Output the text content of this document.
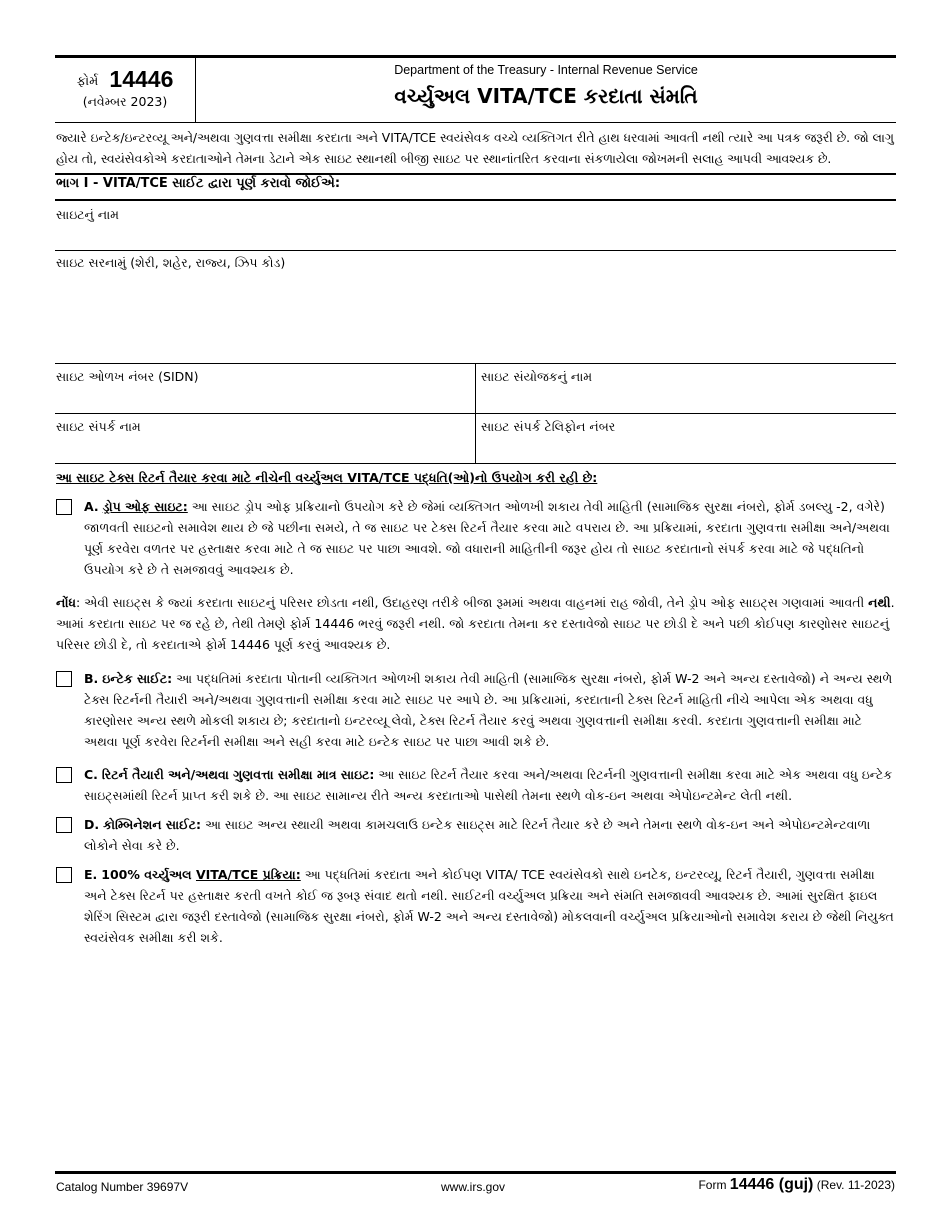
ફોર્મ 14446
(નવેમ્બર 2023)
Department of the Treasury - Internal Revenue Service
વર્ચ્યુઅલ VITA/TCE કરદાતા સંમતિ
જ્યારે ઇન્ટેક/ઇન્ટરવ્યૂ અને/અથવા ગુણવત્તા સમીક્ષા કરદાતા અને VITA/TCE સ્વયંસેવક વચ્ચે વ્યક્તિગત રીતે હાથ ધરવામાં આવતી નથી ત્યારે આ પત્રક જરૂરી છે. જો લાગુ હોય તો, સ્વયંસેવકોએ કરદાતાઓને તેમના ડેટાને એક સાઇટ સ્થાનથી બીજી સાઇટ પર સ્થાનાંતરિત કરવાના સંકળાયેલા જોખમની સલાહ આપવી આવશ્યક છે.
ભાગ I - VITA/TCE સાઈટ દ્વારા પૂર્ણ કરાવો જોઈએ:
સાઇટનું નામ
સાઇટ સરનામું (શેરી, શહેર, રાજ્ય, ઝિપ કોડ)
સાઇટ ઓળખ નંબર (SIDN)	સાઇટ સંયોજકનું નામ
સાઇટ સંપર્ક નામ	સાઇટ સંપર્ક ટેલિફોન નંબર
આ સાઇટ ટેક્સ રિટર્ન તૈયાર કરવા માટે નીચેની વર્ચ્યુઅલ VITA/TCE પદ્ધતિ(ઓ)નો ઉપયોગ કરી રહી છે:
A. ડ્રોપ ઓફ સાઇટ: આ સાઇટ ડ્રોપ ઓફ પ્રક્રિયાનો ઉપયોગ કરે છે જેમાં વ્યક્તિગત ઓળખી શકાય તેવી માહિતી (સામાજિક સુરક્ષા નંબરો, ફોર્મ ડબલ્યુ -2, વગેરે) જાળવતી સાઇટનો સમાવેશ થાય છે જે પછીના સમયે, તે જ સાઇટ પર ટેક્સ રિટર્ન તૈયાર કરવા માટે વપરાય છે. આ પ્રક્રિયામાં, કરદાતા ગુણવત્તા સમીક્ષા અને/અથવા પૂર્ણ કરવેરા વળતર પર હસ્તાક્ષર કરવા માટે તે જ સાઇટ પર પાછા આવશે. જો વધારાની માહિતીની જરૂર હોય તો સાઇટ કરદાતાનો સંપર્ક કરવા માટે જે પદ્ધતિનો ઉપયોગ કરે છે તે સમજાવવું આવશ્યક છે.
નોંધ: એવી સાઇટ્સ કે જ્યાં કરદાતા સાઇટનું પરિસર છોડતા નથી, ઉદાહરણ તરીકે બીજા રૂમમાં અથવા વાહનમાં રાહ જોવી, તેને ડ્રોપ ઓફ સાઇટ્સ ગણવામાં આવતી નથી. આમાં કરદાતા સાઇટ પર જ રહે છે, તેથી તેમણે ફોર્મ 14446 ભરવું જરૂરી નથી. જો કરદાતા તેમના કર દસ્તાવેજો સાઇટ પર છોડી દે અને પછી કોઈપણ કારણોસર સાઇટનું પરિસર છોડી દે, તો કરદાતાએ ફોર્મ 14446 પૂર્ણ કરવું આવશ્યક છે.
B. ઇન્ટેક સાઈટ: આ પદ્ધતિમાં કરદાતા પોતાની વ્યક્તિગત ઓળખી શકાય તેવી માહિતી (સામાજિક સુરક્ષા નંબરો, ફોર્મ W-2 અને અન્ય દસ્તાવેજો) ને અન્ય સ્થળે ટેક્સ રિટર્નની તૈયારી અને/અથવા ગુણવત્તાની સમીક્ષા કરવા માટે સાઇટ પર આપે છે. આ પ્રક્રિયામાં, કરદાતાની ટેક્સ રિટર્ન માહિતી નીચે આપેલા એક અથવા વધુ કારણોસર અન્ય સ્થળે મોકલી શકાય છે; કરદાતાનો ઇન્ટરવ્યૂ લેવો, ટેક્સ રિટર્ન તૈયાર કરવું અથવા ગુણવત્તાની સમીક્ષા કરવી. કરદાતા ગુણવત્તાની સમીક્ષા માટે અથવા પૂર્ણ કરવેરા રિટર્નની સમીક્ષા અને સહી કરવા માટે ઇન્ટેક સાઇટ પર પાછા આવી શકે છે.
C. રિટર્ન તૈયારી અને/અથવા ગુણવત્તા સમીક્ષા માત્ર સાઇટ: આ સાઇટ રિટર્ન તૈયાર કરવા અને/અથવા રિટર્નની ગુણવત્તાની સમીક્ષા કરવા માટે એક અથવા વધુ ઇન્ટેક સાઇટ્સમાંથી રિટર્ન પ્રાપ્ત કરી શકે છે. આ સાઇટ સામાન્ય રીતે અન્ય કરદાતાઓ પાસેથી તેમના સ્થળે વોક-ઇન અથવા એપોઇન્ટમેન્ટ લેતી નથી.
D. કોમ્બિનેશન સાઈટ: આ સાઇટ અન્ય સ્થાયી અથવા કામચલાઉ ઇન્ટેક સાઇટ્સ માટે રિટર્ન તૈયાર કરે છે અને તેમના સ્થળે વોક-ઇન અને એપોઇન્ટમેન્ટવાળા લોકોને સેવા કરે છે.
E. 100% વર્ચ્યુઅલ VITA/TCE પ્રક્રિયા: આ પદ્ધતિમાં કરદાતા અને કોઈપણ VITA/ TCE સ્વયંસેવકો સાથે ઇનટેક, ઇન્ટરવ્યૂ, રિટર્ન તૈયારી, ગુણવત્તા સમીક્ષા અને ટેક્સ રિટર્ન પર હસ્તાક્ષર કરતી વખતે કોઈ જ રૂબરૂ સંવાદ થતો નથી. સાઈટની વર્ચ્યુઅલ પ્રક્રિયા અને સંમતિ સમજાવવી આવશ્યક છે. આમાં સુરક્ષિત ફાઇલ શેરિંગ સિસ્ટમ દ્વારા જરૂરી દસ્તાવેજો (સામાજિક સુરક્ષા નંબરો, ફોર્મ W-2 અને અન્ય દસ્તાવેજો) મોકલવાની વર્ચ્યુઅલ પ્રક્રિયાઓનો સમાવેશ કરાય છે જેથી નિયુક્ત સ્વયંસેવક સમીક્ષા કરી શકે.
Catalog Number 39697V	www.irs.gov	Form 14446 (guj) (Rev. 11-2023)
